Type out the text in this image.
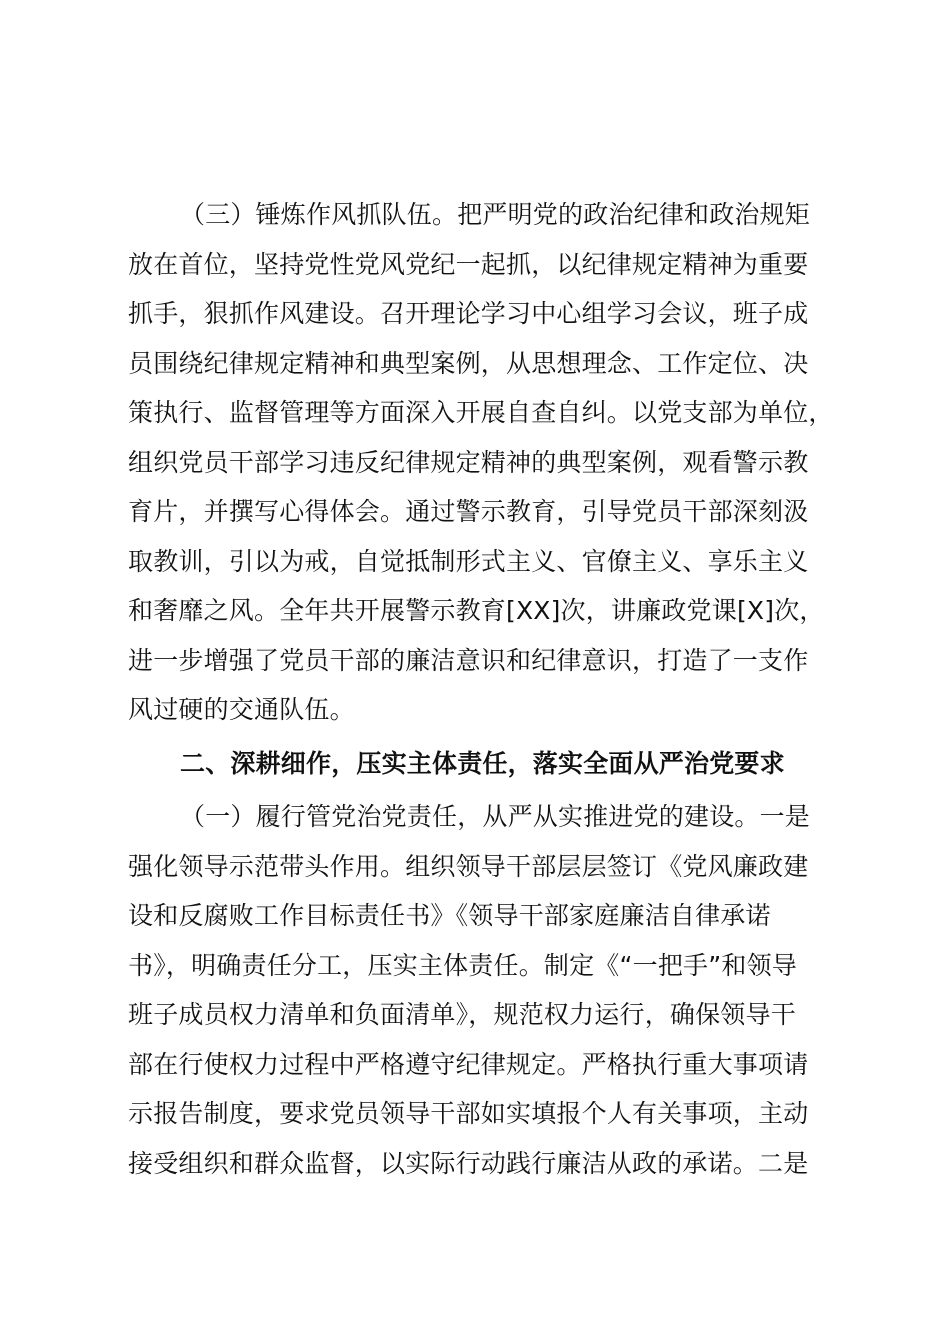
（三）锤炼作风抓队伍。把严明党的政治纪律和政治规矩
放在首位，坚持党性党风党纪一起抓，以纪律规定精神为重要
抓手，狠抓作风建设。召开理论学习中心组学习会议，班子成
员围绕纪律规定精神和典型案例，从思想理念、工作定位、决
策执行、监督管理等方面深入开展自查自纠。以党支部为单位，
组织党员干部学习违反纪律规定精神的典型案例，观看警示教
育片，并撰写心得体会。通过警示教育，引导党员干部深刻汲
取教训，引以为戒，自觉抵制形式主义、官僚主义、享乐主义
和奢靡之风。全年共开展警示教育[XX]次，讲廉政党课[X]次，
进一步增强了党员干部的廉洁意识和纪律意识，打造了一支作
风过硬的交通队伍。
二、深耕细作，压实主体责任，落实全面从严治党要求
（一）履行管党治党责任，从严从实推进党的建设。一是
强化领导示范带头作用。组织领导干部层层签订《党风廉政建
设和反腐败工作目标责任书》《领导干部家庭廉洁自律承诺
书》，明确责任分工，压实主体责任。制定《“一把手”和领导
班子成员权力清单和负面清单》，规范权力运行，确保领导干
部在行使权力过程中严格遵守纪律规定。严格执行重大事项请
示报告制度，要求党员领导干部如实填报个人有关事项，主动
接受组织和群众监督，以实际行动践行廉洁从政的承诺。二是
